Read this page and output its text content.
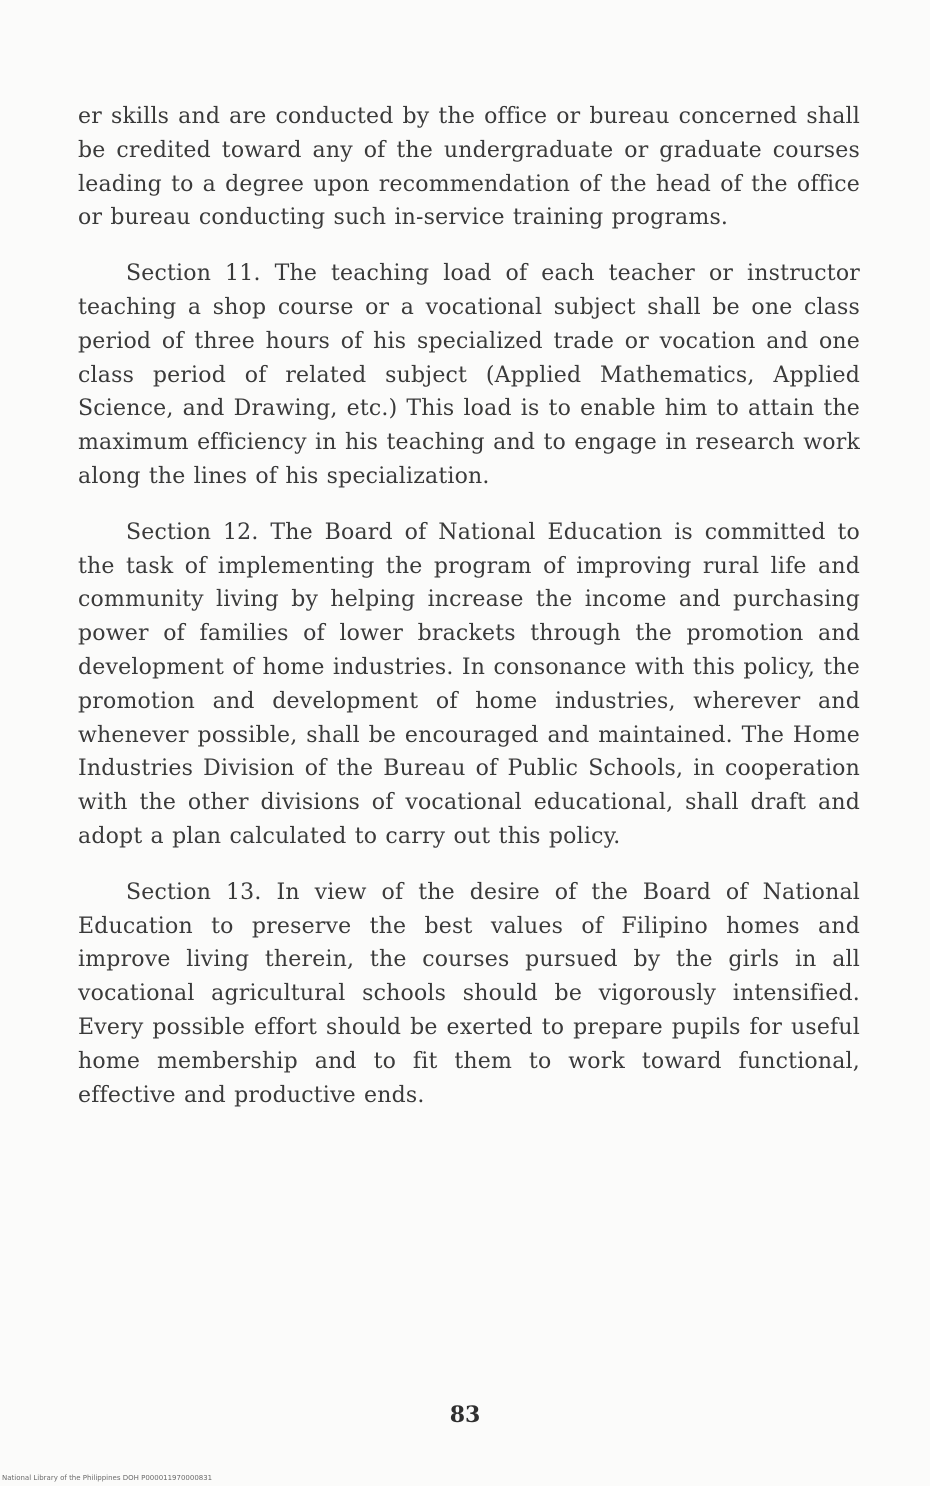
er skills and are conducted by the office or bureau concerned shall be credited toward any of the undergraduate or graduate courses leading to a degree upon recommendation of the head of the office or bureau conducting such in-service training programs.

Section 11. The teaching load of each teacher or instructor teaching a shop course or a vocational subject shall be one class period of three hours of his specialized trade or vocation and one class period of related subject (Applied Mathematics, Applied Science, and Drawing, etc.) This load is to enable him to attain the maximum efficiency in his teaching and to engage in research work along the lines of his specialization.

Section 12. The Board of National Education is committed to the task of implementing the program of improving rural life and community living by helping increase the income and purchasing power of families of lower brackets through the promotion and development of home industries. In consonance with this policy, the promotion and development of home industries, wherever and whenever possible, shall be encouraged and maintained. The Home Industries Division of the Bureau of Public Schools, in cooperation with the other divisions of vocational educational, shall draft and adopt a plan calculated to carry out this policy.

Section 13. In view of the desire of the Board of National Education to preserve the best values of Filipino homes and improve living therein, the courses pursued by the girls in all vocational agricultural schools should be vigorously intensified. Every possible effort should be exerted to prepare pupils for useful home membership and to fit them to work toward functional, effective and productive ends.

83
National Library of the Philippines DOH P000011970000831
